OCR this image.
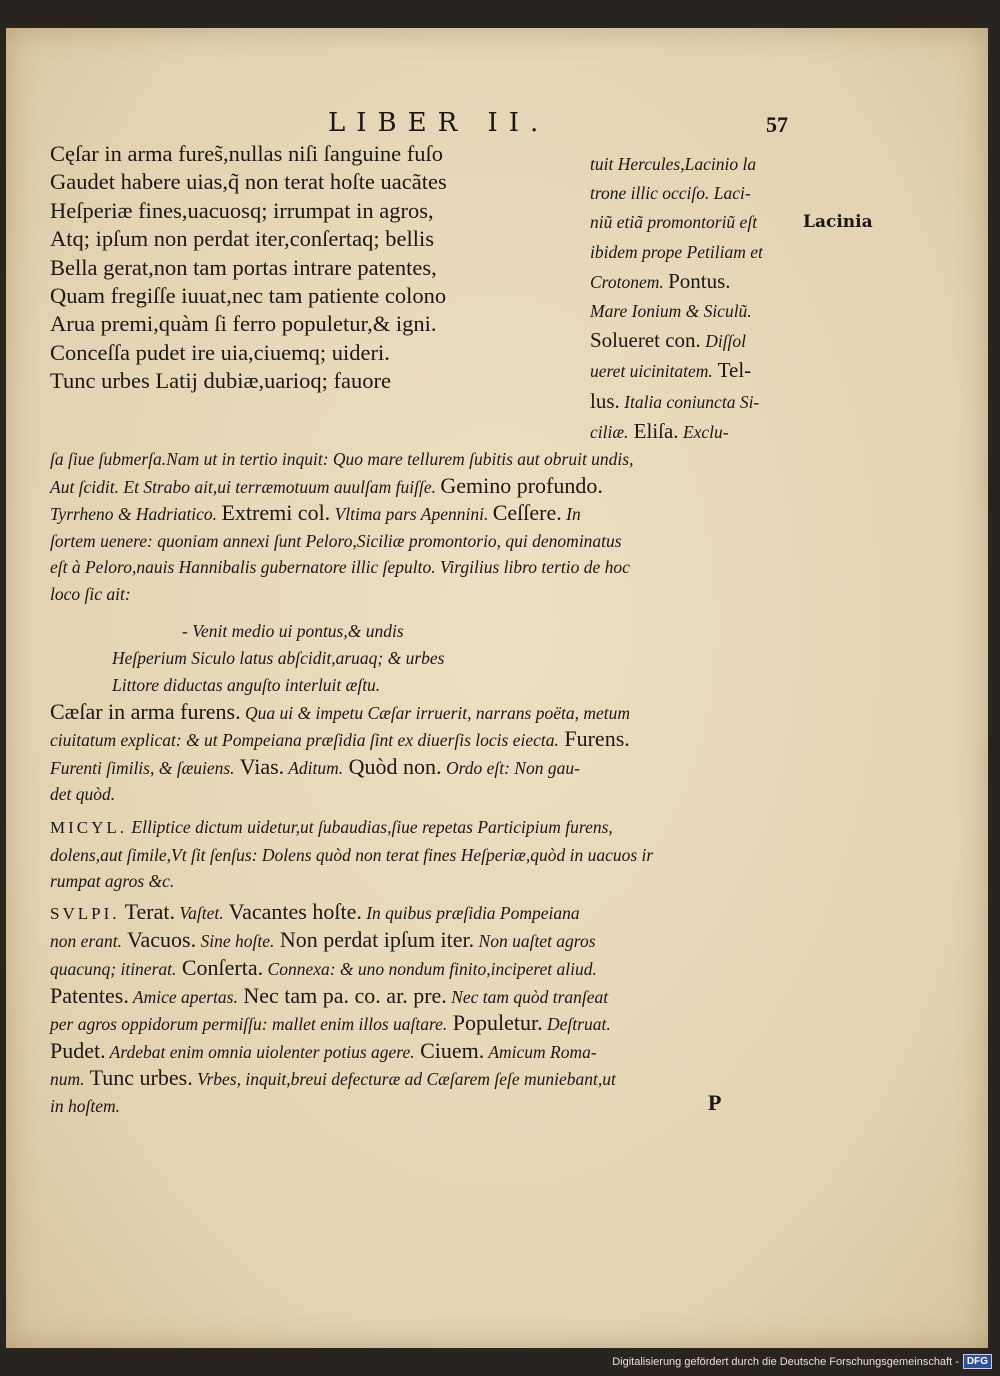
LIBER II.	57
Cęſar in arma fures̃,nullas niſi ſanguine fuſo
Gaudet habere uias,q̃ non terat hoſte uacãtes
Heſperiæ fines,uacuosq; irrumpat in agros,
Atq; ipſum non perdat iter,conſertaq; bellis
Bella gerat,non tam portas intrare patentes,
Quam fregiſſe iuuat,nec tam patiente colono
Arua premi,quàm ſi ferro populetur,& igni.
Conceſſa pudet ire uia,ciuemq; uideri.
Tunc urbes Latij dubiæ,uarioq; fauore
tuit Hercules,Lacinio la
trone illic occiſo. Laci-
niũ etiã promontoriũ eſt
ibidem prope Petiliam et
Crotonem. Pontus.
Mare Ionium & Siculũ.
Solueret con. Diſſol
ueret uicinitatem. Tel-
lus. Italia coniuncta Si-
ciliæ. Eliſa. Exclu-
Lacinia
ſa ſiue ſubmerſa.Nam ut in tertio inquit: Quo mare tellurem ſubitis aut obruit undis,
Aut ſcidit. Et Strabo ait,ui terræmotuum auulſam fuiſſe. Gemino profundo.
Tyrrheno & Hadriatico. Extremi col. Vltima pars Apennini. Ceſſere. In
ſortem uenere: quoniam annexi ſunt Peloro,Siciliæ promontorio, qui denominatus
eſt à Peloro,nauis Hannibalis gubernatore illic ſepulto. Virgilius libro tertio de hoc
loco ſic ait:
- Venit medio ui pontus,& undis
Heſperium Siculo latus abſcidit,aruaq; & urbes
Littore diductas anguſto interluit æſtu.
Cæſar in arma furens. Qua ui & impetu Cæſar irruerit, narrans poëta, metum
ciuitatum explicat: & ut Pompeiana præſidia ſint ex diuerſis locis eiecta. Furens.
Furenti ſimilis, & ſæuiens. Vias. Aditum. Quòd non. Ordo eſt: Non gau-
det quòd.
MICYL. Elliptice dictum uidetur,ut ſubaudias,ſiue repetas Participium furens,
dolens,aut ſimile,Vt ſit ſenſus: Dolens quòd non terat fines Heſperiæ,quòd in uacuos ir
rumpat agros &c.
SVLPI. Terat. Vaſtet. Vacantes hoſte. In quibus præſidia Pompeiana
non erant. Vacuos. Sine hoſte. Non perdat ipſum iter. Non uaſtet agros
quacunq; itinerat. Conſerta. Connexa: & uno nondum finito,inciperet aliud.
Patentes. Amice apertas. Nec tam pa. co. ar. pre. Nec tam quòd tranſeat
per agros oppidorum permiſſu: mallet enim illos uaſtare. Populetur. Deſtruat.
Pudet. Ardebat enim omnia uiolenter potius agere. Ciuem. Amicum Roma-
num. Tunc urbes. Vrbes, inquit,breui defecturæ ad Cæſarem ſeſe muniebant,ut
in hoſtem.	P
Digitalisierung gefördert durch die Deutsche Forschungsgemeinschaft - DFG
